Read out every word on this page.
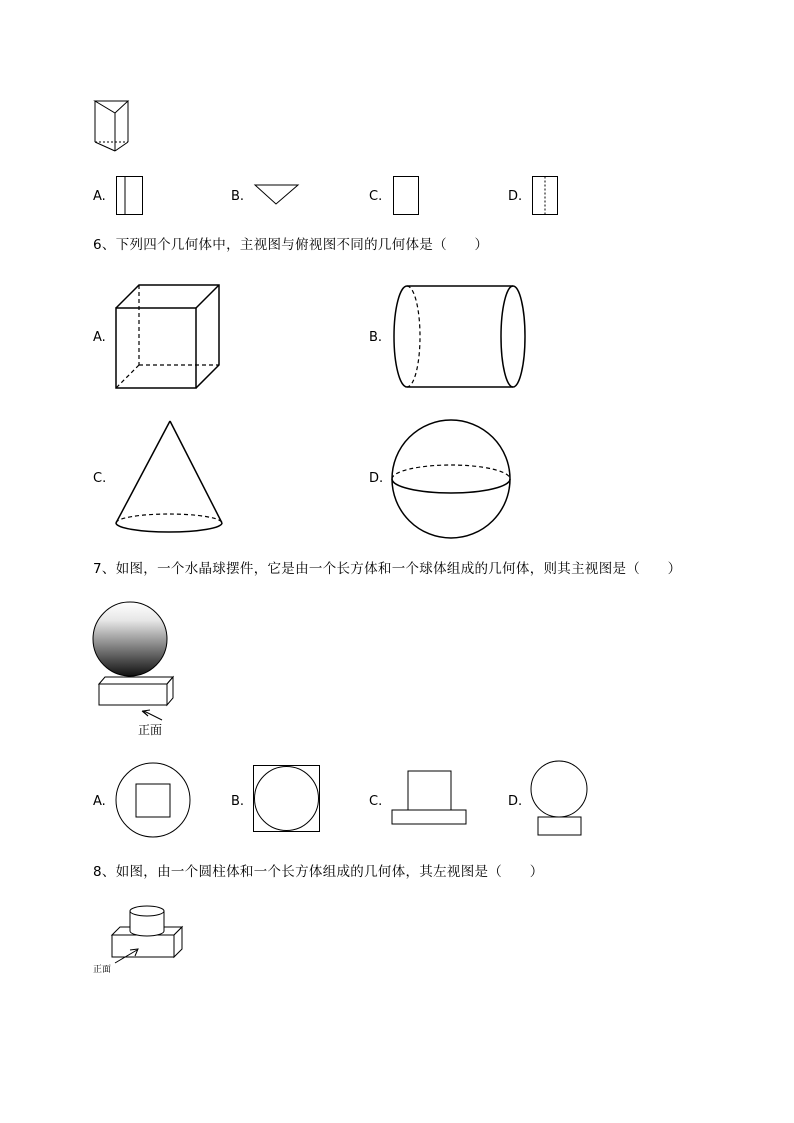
A.	B.	C.	D.
6、下列四个几何体中，主视图与俯视图不同的几何体是（　　）
A.	B.
C.	D.
7、如图，一个水晶球摆件，它是由一个长方体和一个球体组成的几何体，则其主视图是（　　）
正面
A.	B.	C.	D.
8、如图，由一个圆柱体和一个长方体组成的几何体，其左视图是（　　）
正面
